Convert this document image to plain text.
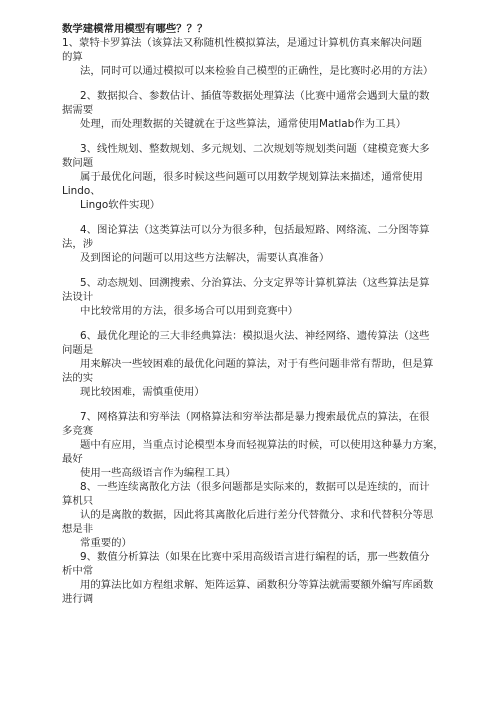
数学建模常用模型有哪些？？？
1、蒙特卡罗算法（该算法又称随机性模拟算法，是通过计算机仿真来解决问题
的算
法，同时可以通过模拟可以来检验自己模型的正确性，是比赛时必用的方法）
2、数据拟合、参数估计、插值等数据处理算法（比赛中通常会遇到大量的数
据需要
处理，而处理数据的关键就在于这些算法，通常使用Matlab作为工具）
3、线性规划、整数规划、多元规划、二次规划等规划类问题（建模竞赛大多
数问题
属于最优化问题，很多时候这些问题可以用数学规划算法来描述，通常使用
Lindo、
Lingo软件实现）
4、图论算法（这类算法可以分为很多种，包括最短路、网络流、二分图等算
法，涉
及到图论的问题可以用这些方法解决，需要认真准备）
5、动态规划、回溯搜索、分治算法、分支定界等计算机算法（这些算法是算
法设计
中比较常用的方法，很多场合可以用到竞赛中）
6、最优化理论的三大非经典算法：模拟退火法、神经网络、遗传算法（这些
问题是
用来解决一些较困难的最优化问题的算法，对于有些问题非常有帮助，但是算
法的实
现比较困难，需慎重使用）
7、网格算法和穷举法（网格算法和穷举法都是暴力搜索最优点的算法，在很
多竞赛
题中有应用，当重点讨论模型本身而轻视算法的时候，可以使用这种暴力方案，
最好
使用一些高级语言作为编程工具）
8、一些连续离散化方法（很多问题都是实际来的，数据可以是连续的，而计
算机只
认的是离散的数据，因此将其离散化后进行差分代替微分、求和代替积分等思
想是非
常重要的）
9、数值分析算法（如果在比赛中采用高级语言进行编程的话，那一些数值分
析中常
用的算法比如方程组求解、矩阵运算、函数积分等算法就需要额外编写库函数
进行调
